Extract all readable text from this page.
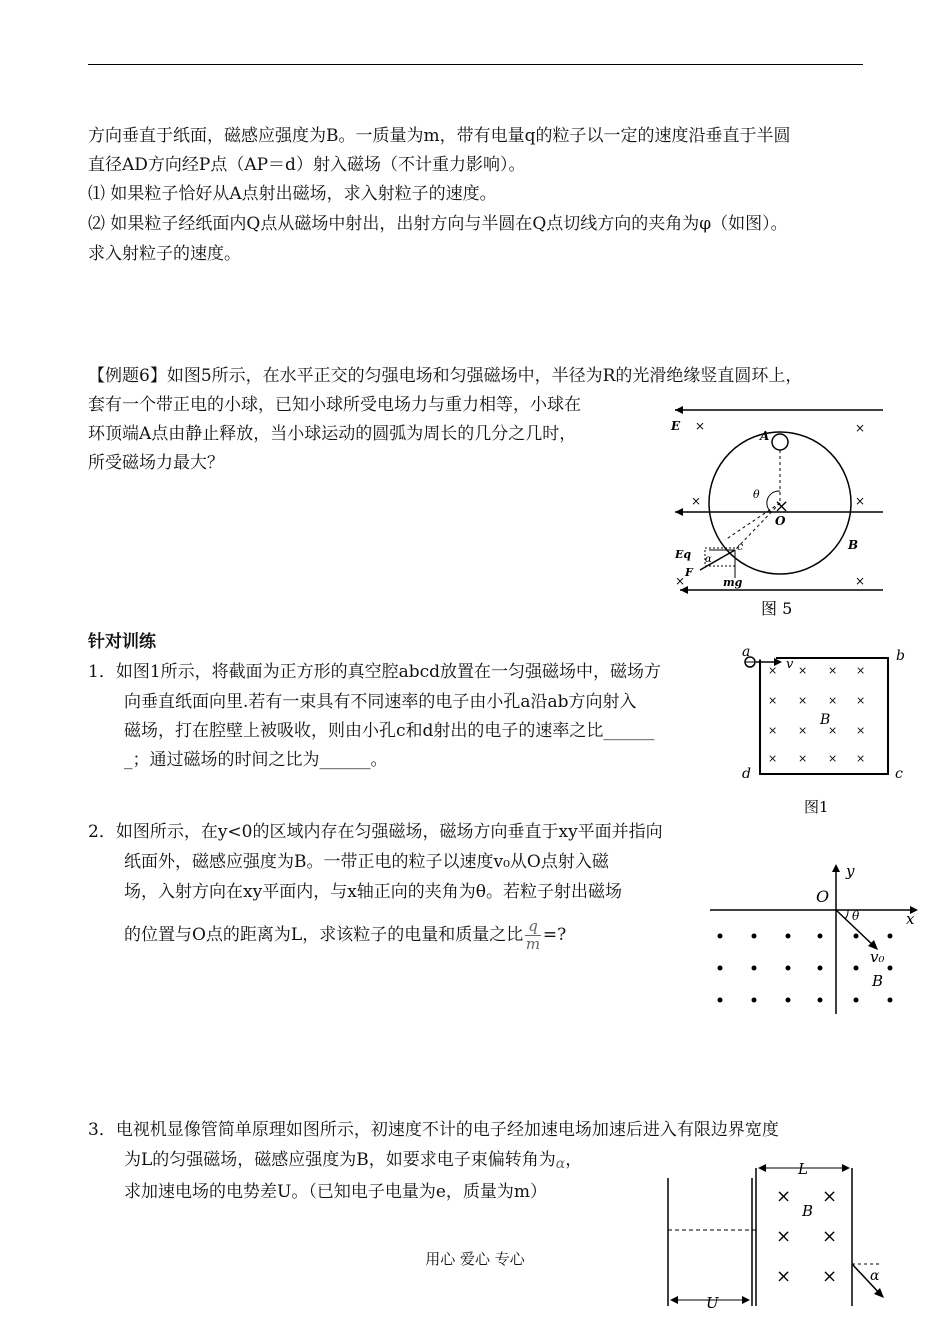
方向垂直于纸面，磁感应强度为B。一质量为m，带有电量q的粒子以一定的速度沿垂直于半圆
直径AD方向经P点（AP＝d）射入磁场（不计重力影响）。
⑴ 如果粒子恰好从A点射出磁场，求入射粒子的速度。
⑵ 如果粒子经纸面内Q点从磁场中射出，出射方向与半圆在Q点切线方向的夹角为φ（如图）。
求入射粒子的速度。
【例题6】如图5所示，在水平正交的匀强电场和匀强磁场中，半径为R的光滑绝缘竖直圆环上，
套有一个带正电的小球，已知小球所受电场力与重力相等，小球在
环顶端A点由静止释放，当小球运动的圆弧为周长的几分之几时，
所受磁场力最大？
E ×	×
A
×	×
×
θ
O
B
Eq
c
α
F
mg
×	×
图 5
针对训练
1．如图1所示，将截面为正方形的真空腔abcd放置在一匀强磁场中，磁场方
向垂直纸面向里.若有一束具有不同速率的电子由小孔a沿ab方向射入
磁场，打在腔壁上被吸收，则由小孔c和d射出的电子的速率之比______
_；通过磁场的时间之比为______。
a	b
c
d
v
B
× × × ×
× × × ×
× × × ×
× × × ×
图1
2．如图所示，在y<0的区域内存在匀强磁场，磁场方向垂直于xy平面并指向
纸面外，磁感应强度为B。一带正电的粒子以速度v₀从O点射入磁
场，入射方向在xy平面内，与x轴正向的夹角为θ。若粒子射出磁场
的位置与O点的距离为L，求该粒子的电量和质量之比 $\frac{q}{m}$ =?
y
x
O
θ
v₀
B
3．电视机显像管简单原理如图所示，初速度不计的电子经加速电场加速后进入有限边界宽度
为L的匀强磁场，磁感应强度为B，如要求电子束偏转角为α，
求加速电场的电势差U。（已知电子电量为e，质量为m）
L
B
U
α
× ×
× ×
× ×
用心 爱心 专心
